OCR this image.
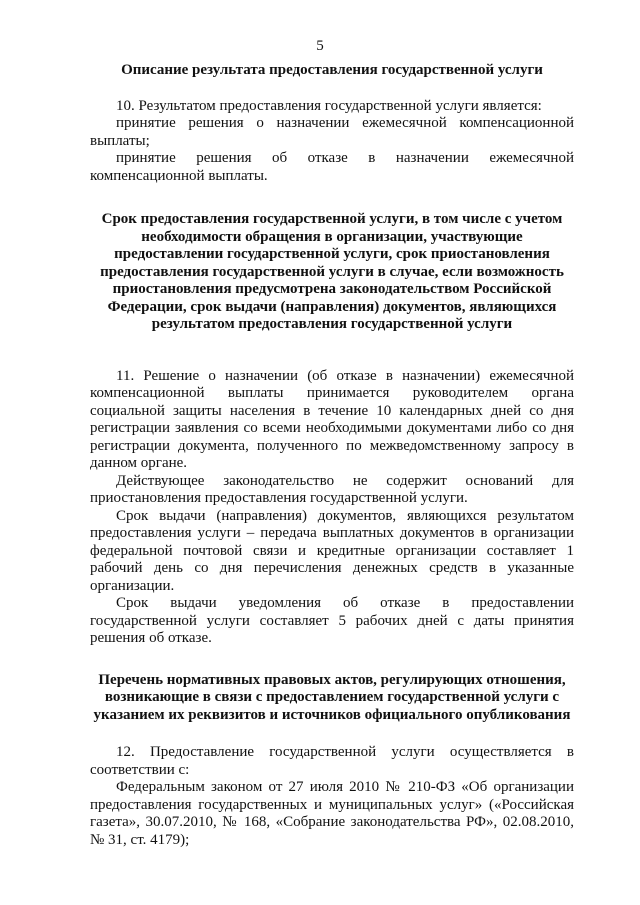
5
Описание результата предоставления государственной услуги

10. Результатом предоставления государственной услуги является:

принятие решения о назначении ежемесячной компенсационной выплаты;

принятие решения об отказе в назначении ежемесячной компенсационной выплаты.

Срок предоставления государственной услуги, в том числе с учетом необходимости обращения в организации, участвующие предоставлении государственной услуги, срок приостановления предоставления государственной услуги в случае, если возможность приостановления предусмотрена законодательством Российской Федерации, срок выдачи (направления) документов, являющихся результатом предоставления государственной услуги

11. Решение о назначении (об отказе в назначении) ежемесячной компенсационной выплаты принимается руководителем органа социальной защиты населения в течение 10 календарных дней со дня регистрации заявления со всеми необходимыми документами либо со дня регистрации документа, полученного по межведомственному запросу в данном органе.

Действующее законодательство не содержит оснований для приостановления предоставления государственной услуги.

Срок выдачи (направления) документов, являющихся результатом предоставления услуги – передача выплатных документов в организации федеральной почтовой связи и кредитные организации составляет 1 рабочий день со дня перечисления денежных средств в указанные организации.

Срок выдачи уведомления об отказе в предоставлении государственной услуги составляет 5 рабочих дней с даты принятия решения об отказе.

Перечень нормативных правовых актов, регулирующих отношения, возникающие в связи с предоставлением государственной услуги с указанием их реквизитов и источников официального опубликования

12. Предоставление государственной услуги осуществляется в соответствии с:

Федеральным законом от 27 июля 2010 № 210-ФЗ «Об организации предоставления государственных и муниципальных услуг» («Российская газета», 30.07.2010, № 168, «Собрание законодательства РФ», 02.08.2010, № 31, ст. 4179);
